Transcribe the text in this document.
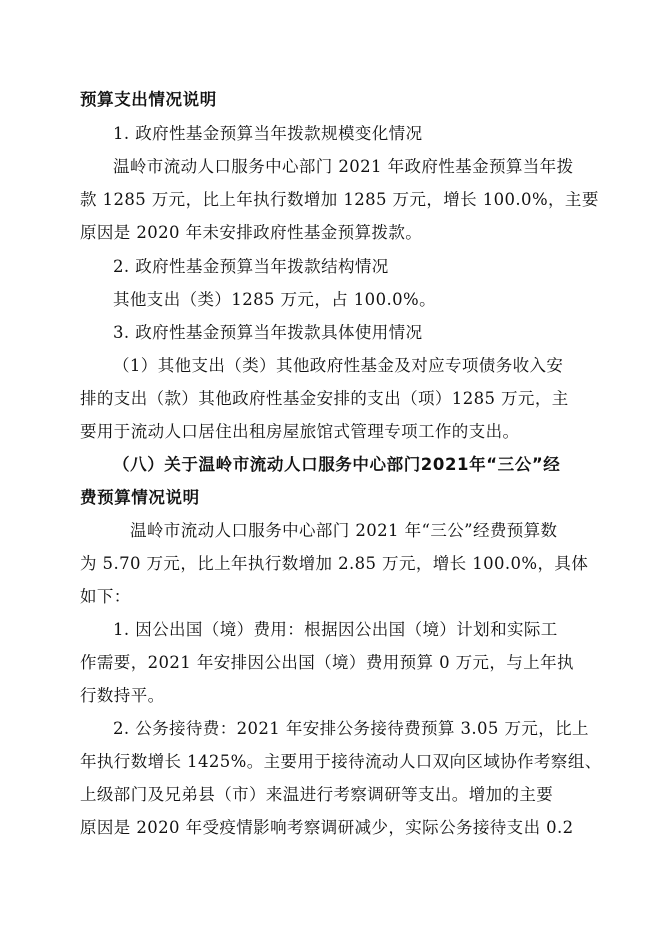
预算支出情况说明
1. 政府性基金预算当年拨款规模变化情况
温岭市流动人口服务中心部门 2021 年政府性基金预算当年拨
款 1285 万元，比上年执行数增加 1285 万元，增长 100.0%，主要
原因是 2020 年未安排政府性基金预算拨款。
2. 政府性基金预算当年拨款结构情况
其他支出（类）1285 万元，占 100.0%。
3. 政府性基金预算当年拨款具体使用情况
（1）其他支出（类）其他政府性基金及对应专项债务收入安
排的支出（款）其他政府性基金安排的支出（项）1285 万元，主
要用于流动人口居住出租房屋旅馆式管理专项工作的支出。
（八）关于温岭市流动人口服务中心部门2021年“三公”经
费预算情况说明
温岭市流动人口服务中心部门 2021 年“三公”经费预算数
为 5.70 万元，比上年执行数增加 2.85 万元，增长 100.0%，具体
如下：
1. 因公出国（境）费用：根据因公出国（境）计划和实际工
作需要，2021 年安排因公出国（境）费用预算 0 万元，与上年执
行数持平。
2. 公务接待费：2021 年安排公务接待费预算 3.05 万元，比上
年执行数增长 1425%。主要用于接待流动人口双向区域协作考察组、
上级部门及兄弟县（市）来温进行考察调研等支出。增加的主要
原因是 2020 年受疫情影响考察调研减少，实际公务接待支出 0.2
